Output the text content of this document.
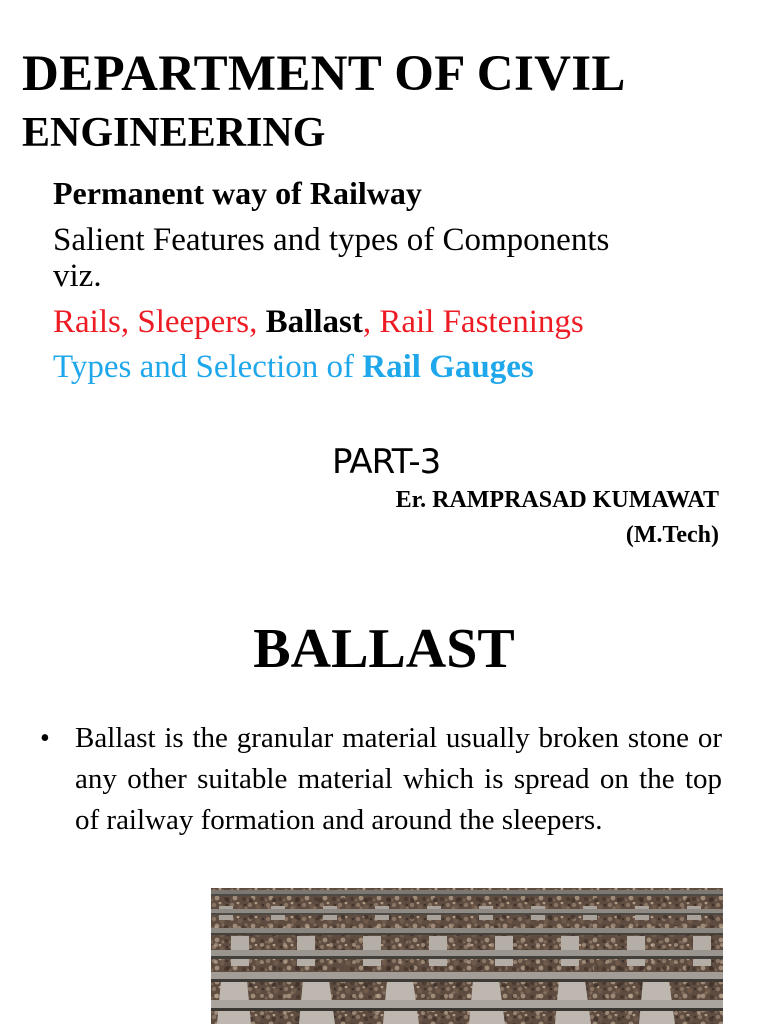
DEPARTMENT OF CIVIL
ENGINEERING
Permanent way of Railway
Salient Features and types of Components
viz.
Rails, Sleepers, Ballast, Rail Fastenings
Types and Selection of Rail Gauges
PART-3
Er. RAMPRASAD KUMAWAT
(M.Tech)
BALLAST
• Ballast is the granular material usually broken stone or any other suitable material which is spread on the top of railway formation and around the sleepers.
